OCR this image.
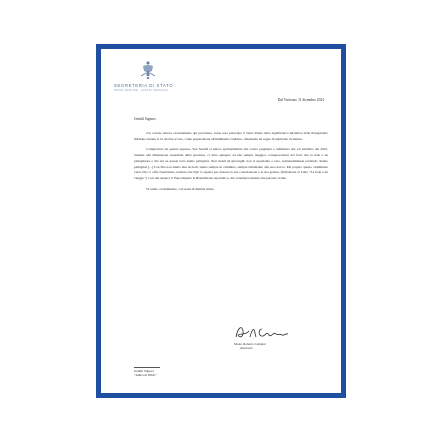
SEGRETERIA DI STATO
PRIMA SEZIONE - AFFARI GENERALI
Dal Vaticano, 11 dicembre 2024
Gentili Signori,

con cortese lettera, recentemente qui pervenuta, avete reso partecipe il Santo Padre della significativa iniziativa della Peregrinatio Nildiana vissuta il 12 ottobre scorso, come preparazione all'imminente Giubileo, chiedendo un segno di spirituale vicinanza.

Compiaciuto da quanto appreso, Sua Santità si unisce spiritualmente alla vostra preghiera e rammenta che «Il Giubileo del 2025, insieme alla dimensione essenziale della speranza, ci deve spingere ad una sempre maggior consapevolezza del fatto che la fede è un pellegrinare e che noi su questa terra siamo pellegrini. Non turisti né girovaghi: non ci spostiamo a caso, esistenzialmente parlando. Siamo pellegrini [...] Con Dio non siamo mai arrivati: siamo sempre in cammino, sempre rimaniamo alla sua ricerca. Ma proprio questo camminare verso Dio ci offre l'inebriante certezza che Egli ci aspetta per donarci la sua consolazione e la sua grazia» (Prefazione al Libro "La fede è un viaggio"). Con tali auspici, il Papa imparte la Benedizione Apostolica, che volentieri estende alle persone vicine.

Vi saluto cordialmente, con sensi di distinta stima.

Mons. Roberto Campisi
Assessore
Gentili Signori
"Amici di Nildo"
